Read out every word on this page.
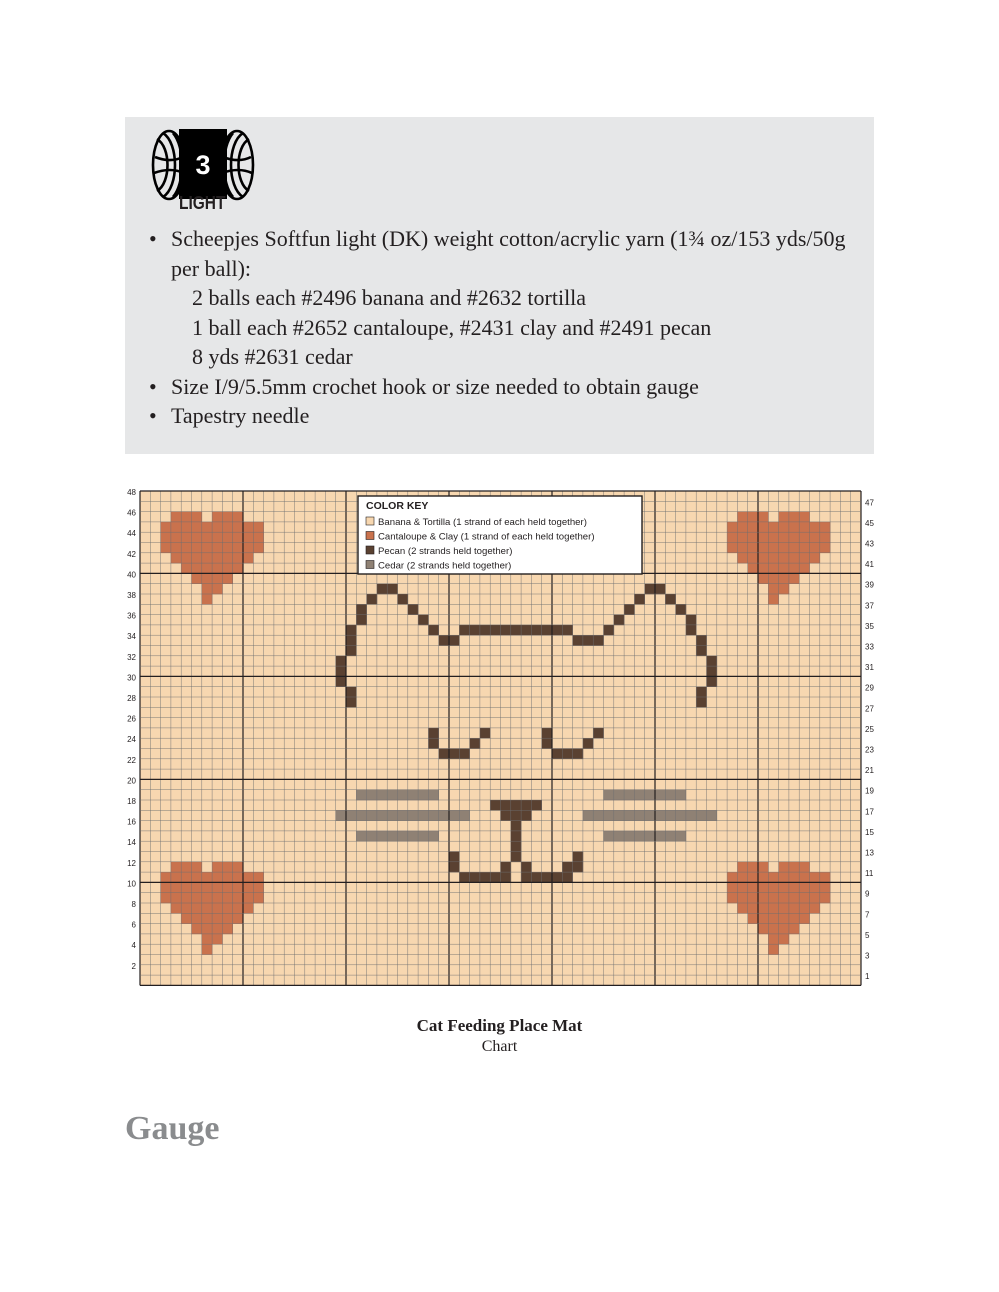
3
LIGHT
• Scheepjes Softfun light (DK) weight cotton/acrylic yarn (1¾ oz/153 yds/50g per ball):
2 balls each #2496 banana and #2632 tortilla
1 ball each #2652 cantaloupe, #2431 clay and #2491 pecan
8 yds #2631 cedar
• Size I/9/5.5mm crochet hook or size needed to obtain gauge
• Tapestry needle
2
4
6
8
10
12
14
16
18
20
22
24
26
28
30
32
34
36
38
40
42
44
46
48
1
3
5
7
9
11
13
15
17
19
21
23
25
27
29
31
33
35
37
39
41
43
45
47
COLOR KEY
Banana & Tortilla (1 strand of each held together)
Cantaloupe & Clay (1 strand of each held together)
Pecan (2 strands held together)
Cedar (2 strands held together)
Cat Feeding Place Mat
Chart
Gauge
